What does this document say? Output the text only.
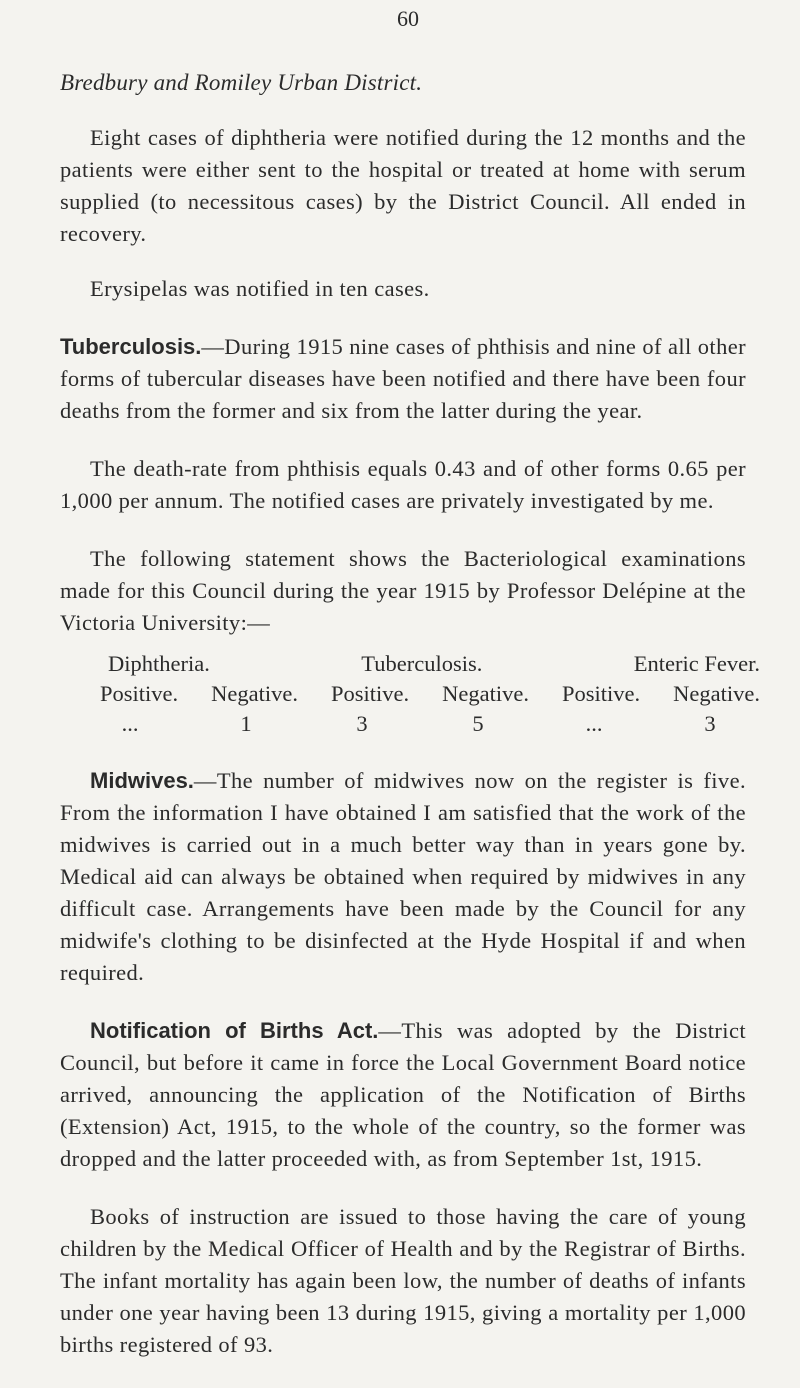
60
Bredbury and Romiley Urban District.

Eight cases of diphtheria were notified during the 12 months and the patients were either sent to the hospital or treated at home with serum supplied (to necessitous cases) by the District Council. All ended in recovery.

Erysipelas was notified in ten cases.

Tuberculosis.—During 1915 nine cases of phthisis and nine of all other forms of tubercular diseases have been notified and there have been four deaths from the former and six from the latter during the year.

The death-rate from phthisis equals 0.43 and of other forms 0.65 per 1,000 per annum. The notified cases are privately investigated by me.

The following statement shows the Bacteriological examinations made for this Council during the year 1915 by Professor Delépine at the Victoria University:—

Diphtheria.	Tuberculosis.	Enteric Fever.
Positive. Negative. Positive. Negative. Positive. Negative.
...	1	3	5	...	3

Midwives.—The number of midwives now on the register is five. From the information I have obtained I am satisfied that the work of the midwives is carried out in a much better way than in years gone by. Medical aid can always be obtained when required by midwives in any difficult case. Arrangements have been made by the Council for any midwife's clothing to be disinfected at the Hyde Hospital if and when required.

Notification of Births Act.—This was adopted by the District Council, but before it came in force the Local Government Board notice arrived, announcing the application of the Notification of Births (Extension) Act, 1915, to the whole of the country, so the former was dropped and the latter proceeded with, as from September 1st, 1915.

Books of instruction are issued to those having the care of young children by the Medical Officer of Health and by the Registrar of Births. The infant mortality has again been low, the number of deaths of infants under one year having been 13 during 1915, giving a mortality per 1,000 births registered of 93.
